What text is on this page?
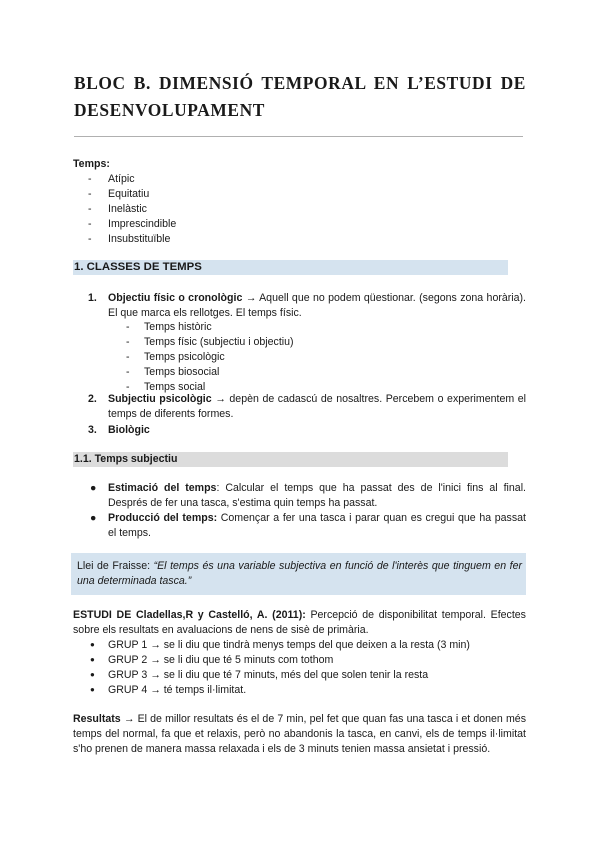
BLOC B. DIMENSIÓ TEMPORAL EN L’ESTUDI DE DESENVOLUPAMENT
Temps:
- Atípic
- Equitatiu
- Inelàstic
- Imprescindible
- Insubstituïble
1. CLASSES DE TEMPS
1. Objectiu físic o cronològic → Aquell que no podem qüestionar. (segons zona horària). El que marca els rellotges. El temps físic.
- Temps històric
- Temps físic (subjectiu i objectiu)
- Temps psicològic
- Temps biosocial
- Temps social
2. Subjectiu psicològic → depèn de cadascú de nosaltres. Percebem o experimentem el temps de diferents formes.
3. Biològic
1.1. Temps subjectiu
● Estimació del temps: Calcular el temps que ha passat des de l'inici fins al final. Després de fer una tasca, s'estima quin temps ha passat.
● Producció del temps: Començar a fer una tasca i parar quan es cregui que ha passat el temps.
Llei de Fraisse: “El temps és una variable subjectiva en funció de l'interès que tinguem en fer una determinada tasca.”
ESTUDI DE Cladellas,R y Castelló, A. (2011): Percepció de disponibilitat temporal. Efectes sobre els resultats en avaluacions de nens de sisè de primària.
● GRUP 1 → se li diu que tindrà menys temps del que deixen a la resta (3 min)
● GRUP 2 → se li diu que té 5 minuts com tothom
● GRUP 3 → se li diu que té 7 minuts, més del que solen tenir la resta
● GRUP 4 → té temps il·limitat.
Resultats → El de millor resultats és el de 7 min, pel fet que quan fas una tasca i et donen més temps del normal, fa que et relaxis, però no abandonis la tasca, en canvi, els de temps il·limitat s'ho prenen de manera massa relaxada i els de 3 minuts tenien massa ansietat i pressió.
